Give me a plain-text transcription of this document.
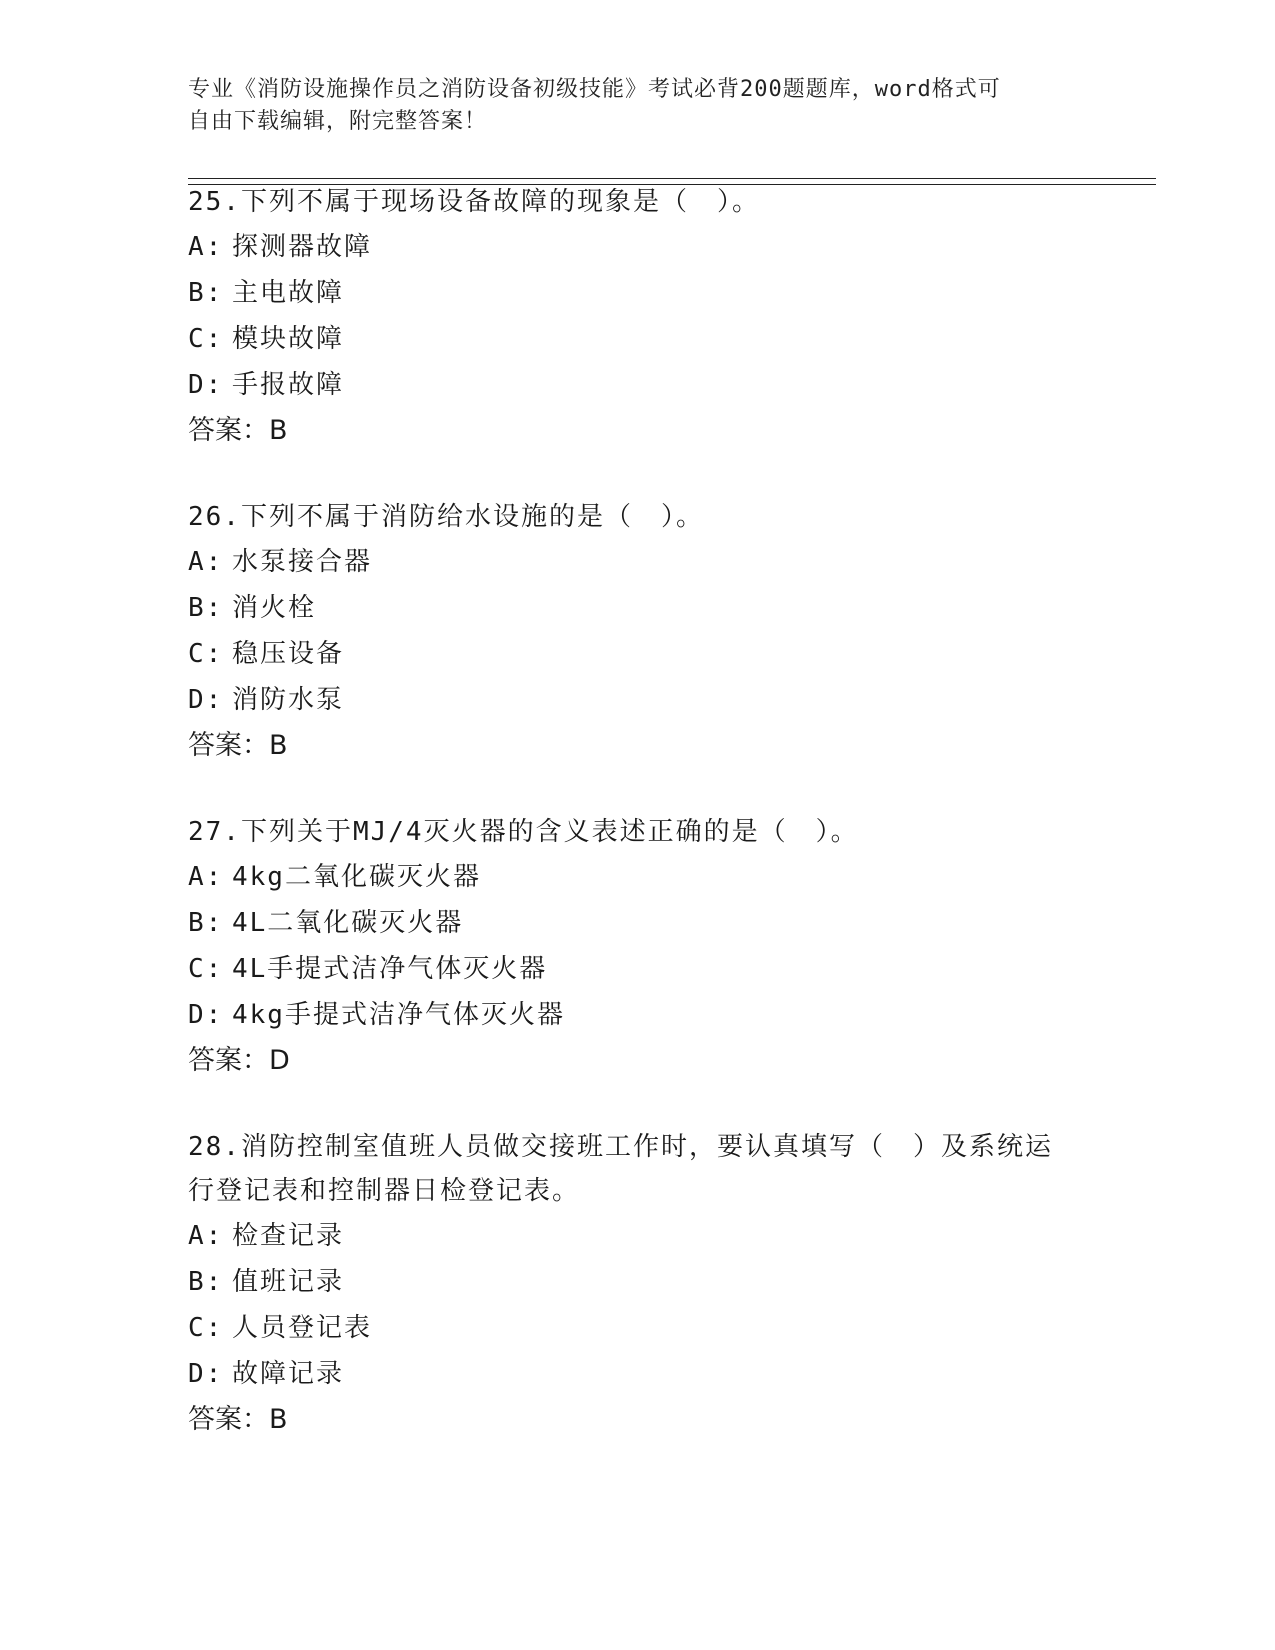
专业《消防设施操作员之消防设备初级技能》考试必背200题题库，word格式可
自由下载编辑，附完整答案！
25.下列不属于现场设备故障的现象是（　）。
A: 探测器故障
B: 主电故障
C: 模块故障
D: 手报故障
答案：B
26.下列不属于消防给水设施的是（　）。
A: 水泵接合器
B: 消火栓
C: 稳压设备
D: 消防水泵
答案：B
27.下列关于MJ/4灭火器的含义表述正确的是（　）。
A: 4kg二氧化碳灭火器
B: 4L二氧化碳灭火器
C: 4L手提式洁净气体灭火器
D: 4kg手提式洁净气体灭火器
答案：D
28.消防控制室值班人员做交接班工作时，要认真填写（　）及系统运
行登记表和控制器日检登记表。
A: 检查记录
B: 值班记录
C: 人员登记表
D: 故障记录
答案：B
